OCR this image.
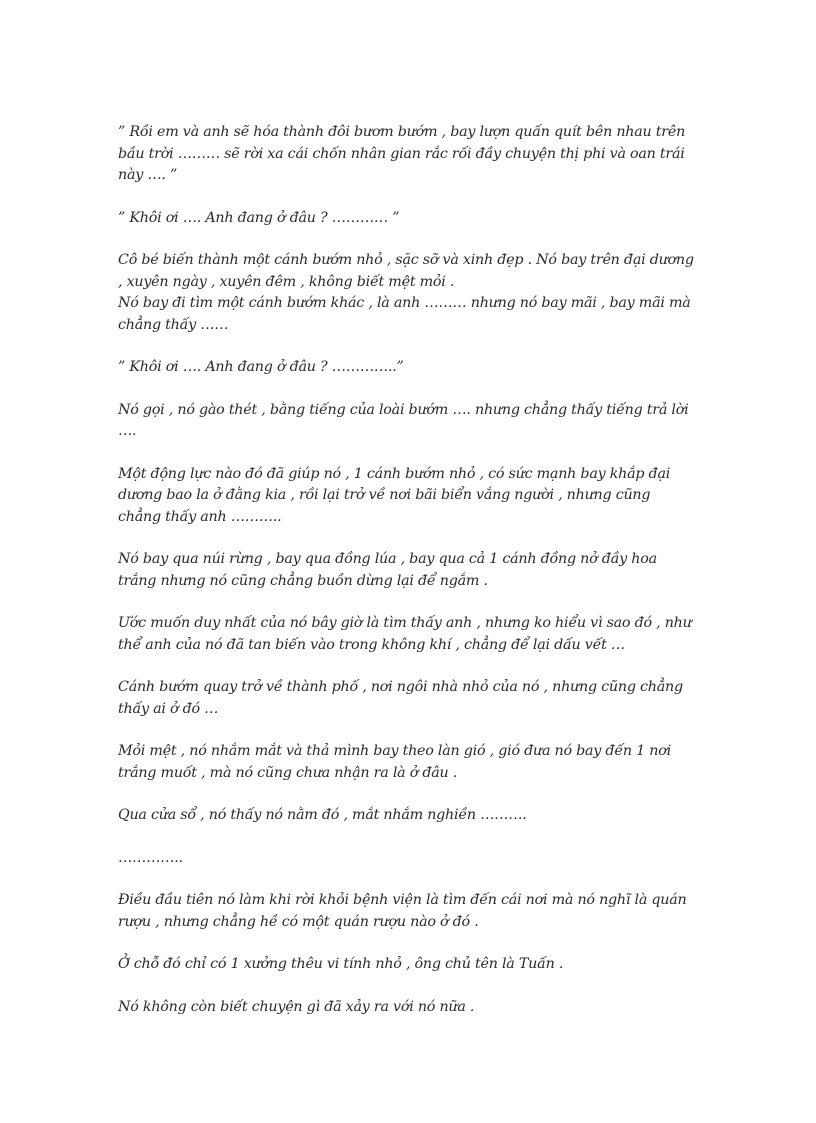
” Rồi em và anh sẽ hóa thành đôi bươm bướm , bay lượn quấn quít bên nhau trên
bầu trời ……… sẽ rời xa cái chốn nhân gian rắc rối đầy chuyện thị phi và oan trái
này …. ”

” Khôi ơi …. Anh đang ở đâu ? ………… ”

Cô bé biến thành một cánh bướm nhỏ , sặc sỡ và xinh đẹp . Nó bay trên đại dương
, xuyên ngày , xuyên đêm , không biết mệt mỏi .
Nó bay đi tìm một cánh bướm khác , là anh ……… nhưng nó bay mãi , bay mãi mà
chẳng thấy ……

” Khôi ơi …. Anh đang ở đâu ? …………..”

Nó gọi , nó gào thét , bằng tiếng của loài bướm …. nhưng chẳng thấy tiếng trả lời
….

Một động lực nào đó đã giúp nó , 1 cánh bướm nhỏ , có sức mạnh bay khắp đại
dương bao la ở đằng kia , rồi lại trở về nơi bãi biển vắng người , nhưng cũng
chẳng thấy anh ………..

Nó bay qua núi rừng , bay qua đồng lúa , bay qua cả 1 cánh đồng nở đầy hoa
trắng nhưng nó cũng chẳng buồn dừng lại để ngắm .

Ước muốn duy nhất của nó bây giờ là tìm thấy anh , nhưng ko hiểu vì sao đó , như
thể anh của nó đã tan biến vào trong không khí , chẳng để lại dấu vết …

Cánh bướm quay trở về thành phố , nơi ngôi nhà nhỏ của nó , nhưng cũng chẳng
thấy ai ở đó …

Mỏi mệt , nó nhắm mắt và thả mình bay theo làn gió , gió đưa nó bay đến 1 nơi
trắng muốt , mà nó cũng chưa nhận ra là ở đâu .

Qua cửa sổ , nó thấy nó nằm đó , mắt nhắm nghiền ……….

…………..

Điều đầu tiên nó làm khi rời khỏi bệnh viện là tìm đến cái nơi mà nó nghĩ là quán
rượu , nhưng chẳng hề có một quán rượu nào ở đó .

Ở chỗ đó chỉ có 1 xưởng thêu vi tính nhỏ , ông chủ tên là Tuấn .

Nó không còn biết chuyện gì đã xảy ra với nó nữa .
